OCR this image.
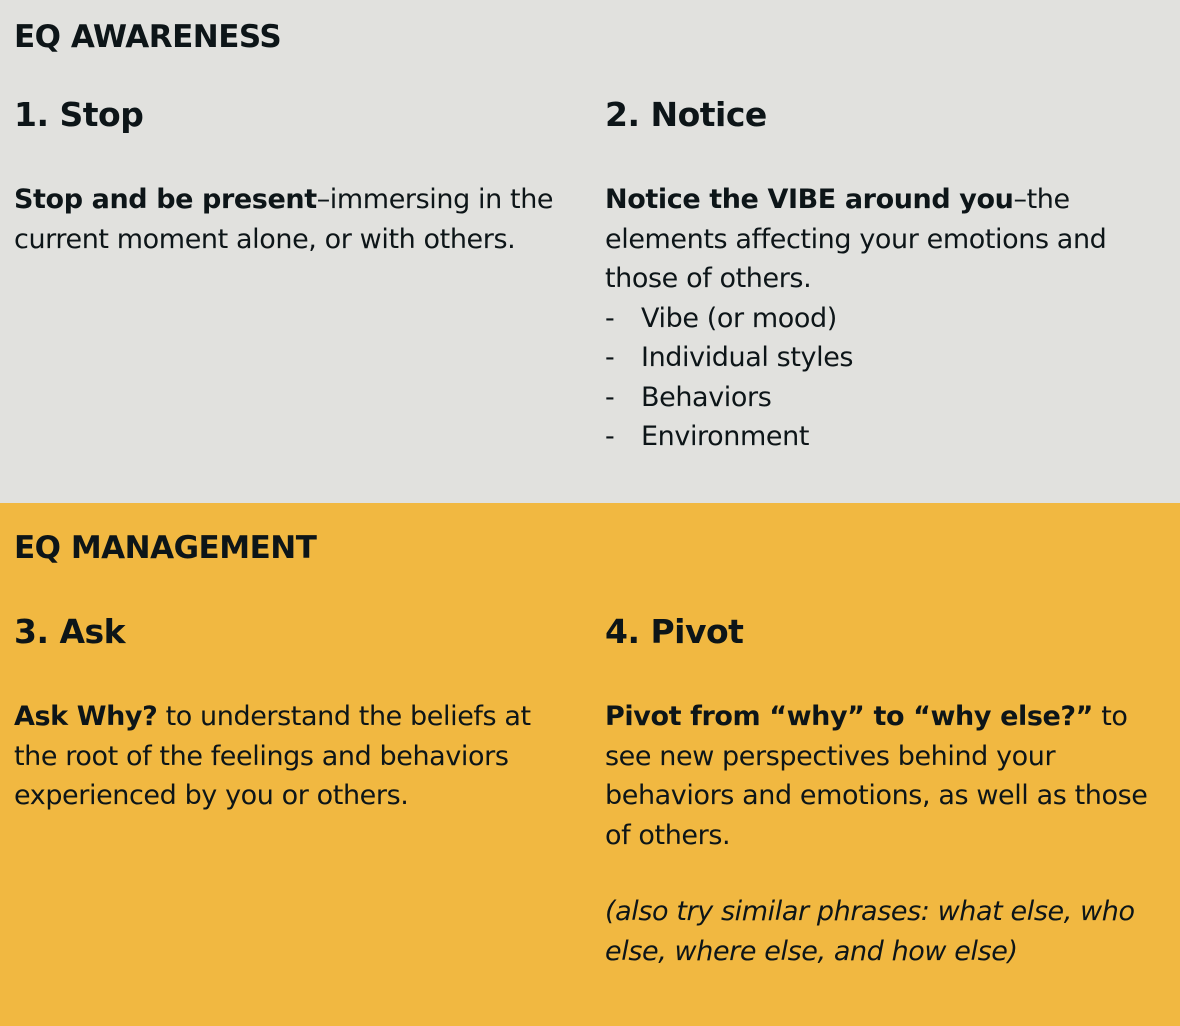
EQ AWARENESS
1. Stop

Stop and be present–immersing in the current moment alone, or with others.

2. Notice
Notice the VIBE around you–the elements affecting your emotions and those of others.
- Vibe (or mood)
- Individual styles
- Behaviors
- Environment
EQ MANAGEMENT
3. Ask

Ask Why? to understand the beliefs at the root of the feelings and behaviors experienced by you or others.

4. Pivot

Pivot from “why” to “why else?” to see new perspectives behind your behaviors and emotions, as well as those of others.

(also try similar phrases: what else, who else, where else, and how else)
